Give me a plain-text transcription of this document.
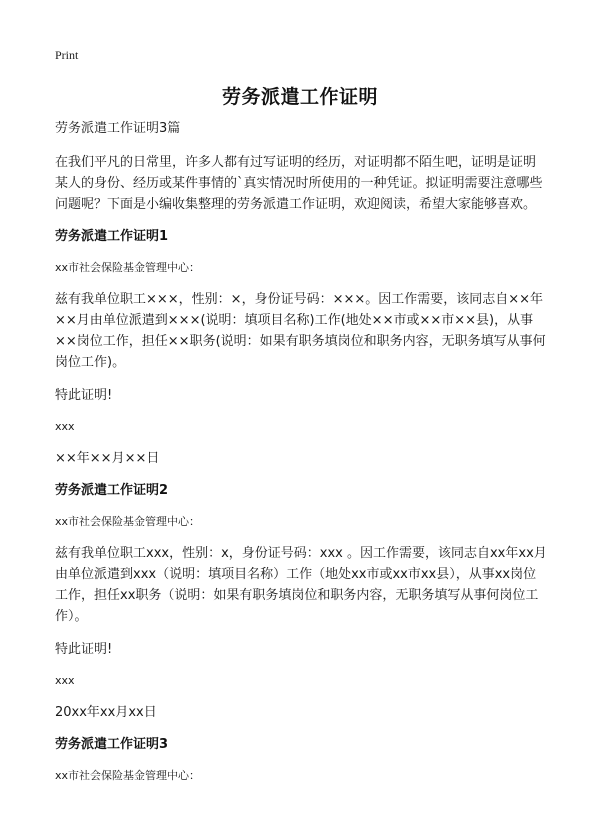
Print
劳务派遣工作证明
劳务派遣工作证明3篇
在我们平凡的日常里，许多人都有过写证明的经历，对证明都不陌生吧，证明是证明某人的身份、经历或某件事情的`真实情况时所使用的一种凭证。拟证明需要注意哪些问题呢？下面是小编收集整理的劳务派遣工作证明，欢迎阅读，希望大家能够喜欢。
劳务派遣工作证明1
xx市社会保险基金管理中心：
兹有我单位职工×××，性别：×，身份证号码：×××。因工作需要，该同志自××年××月由单位派遣到×××(说明：填项目名称)工作(地处××市或××市××县)，从事××岗位工作，担任××职务(说明：如果有职务填岗位和职务内容，无职务填写从事何岗位工作)。
特此证明!
xxx
××年××月××日
劳务派遣工作证明2
xx市社会保险基金管理中心：
兹有我单位职工xxx，性别：x，身份证号码：xxx 。因工作需要，该同志自xx年xx月由单位派遣到xxx（说明：填项目名称）工作（地处xx市或xx市xx县），从事xx岗位工作，担任xx职务（说明：如果有职务填岗位和职务内容，无职务填写从事何岗位工作）。
特此证明!
xxx
20xx年xx月xx日
劳务派遣工作证明3
xx市社会保险基金管理中心：
